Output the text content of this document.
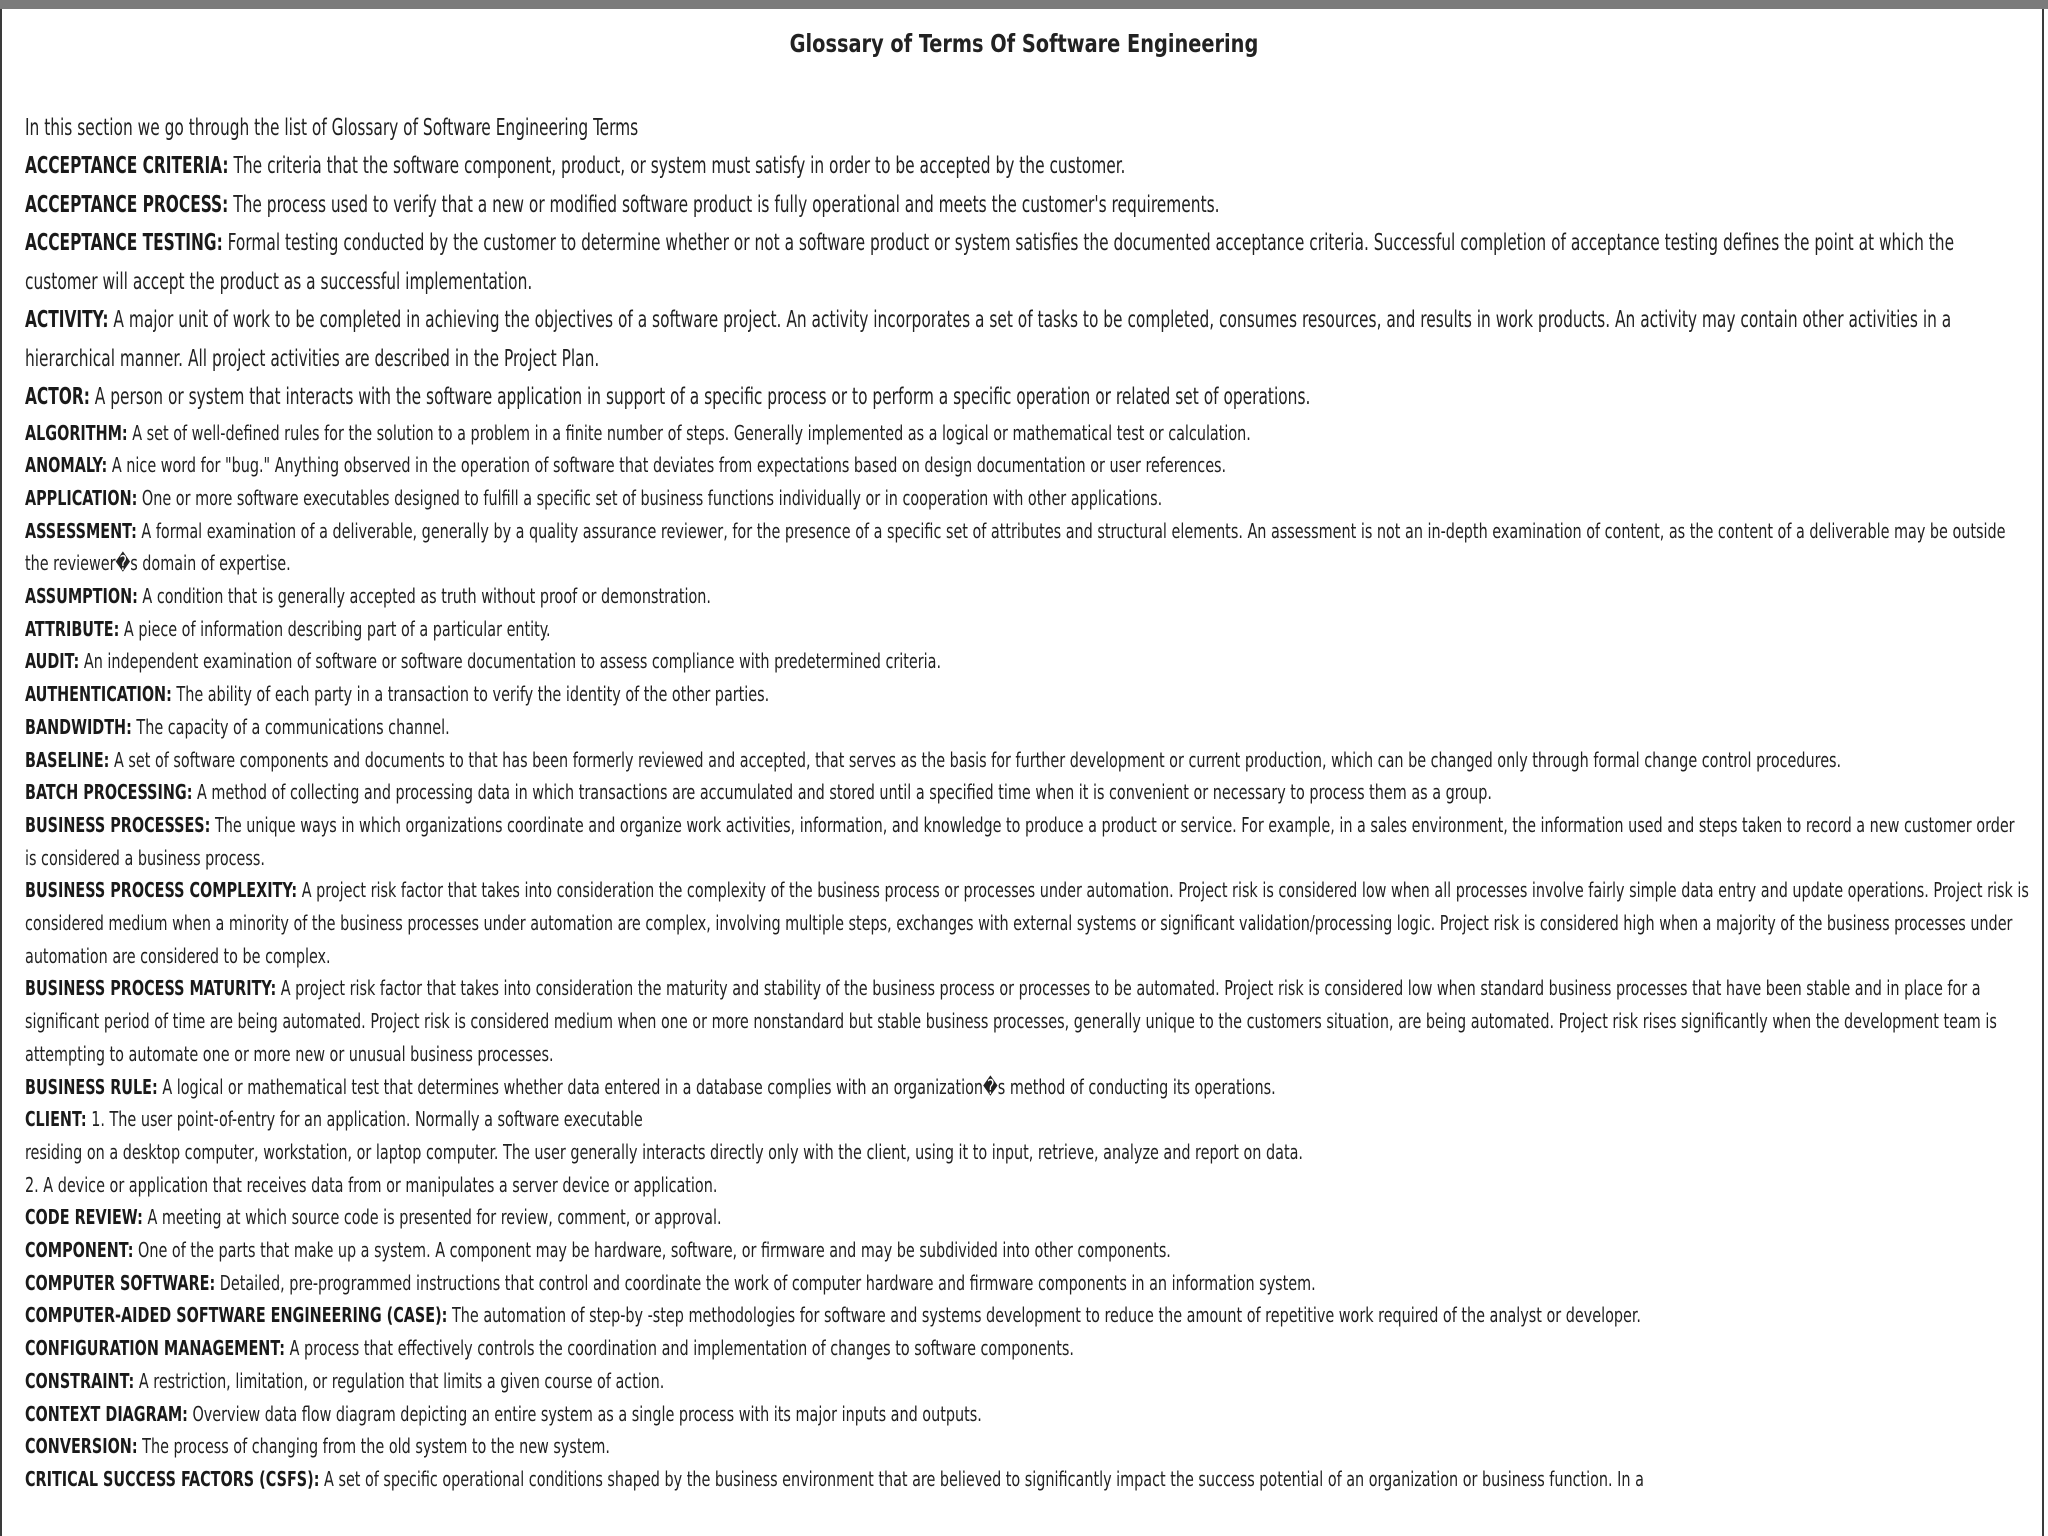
Glossary of Terms Of Software Engineering
In this section we go through the list of Glossary of Software Engineering Terms
ACCEPTANCE CRITERIA: The criteria that the software component, product, or system must satisfy in order to be accepted by the customer.
ACCEPTANCE PROCESS: The process used to verify that a new or modified software product is fully operational and meets the customer's requirements.
ACCEPTANCE TESTING: Formal testing conducted by the customer to determine whether or not a software product or system satisfies the documented acceptance criteria. Successful completion of acceptance testing defines the point at which the customer will accept the product as a successful implementation.
ACTIVITY: A major unit of work to be completed in achieving the objectives of a software project. An activity incorporates a set of tasks to be completed, consumes resources, and results in work products. An activity may contain other activities in a hierarchical manner. All project activities are described in the Project Plan.
ACTOR: A person or system that interacts with the software application in support of a specific process or to perform a specific operation or related set of operations.
ALGORITHM: A set of well-defined rules for the solution to a problem in a finite number of steps. Generally implemented as a logical or mathematical test or calculation.
ANOMALY: A nice word for "bug." Anything observed in the operation of software that deviates from expectations based on design documentation or user references.
APPLICATION: One or more software executables designed to fulfill a specific set of business functions individually or in cooperation with other applications.
ASSESSMENT: A formal examination of a deliverable, generally by a quality assurance reviewer, for the presence of a specific set of attributes and structural elements. An assessment is not an in-depth examination of content, as the content of a deliverable may be outside the reviewer�s domain of expertise.
ASSUMPTION: A condition that is generally accepted as truth without proof or demonstration.
ATTRIBUTE: A piece of information describing part of a particular entity.
AUDIT: An independent examination of software or software documentation to assess compliance with predetermined criteria.
AUTHENTICATION: The ability of each party in a transaction to verify the identity of the other parties.
BANDWIDTH: The capacity of a communications channel.
BASELINE: A set of software components and documents to that has been formerly reviewed and accepted, that serves as the basis for further development or current production, which can be changed only through formal change control procedures.
BATCH PROCESSING: A method of collecting and processing data in which transactions are accumulated and stored until a specified time when it is convenient or necessary to process them as a group.
BUSINESS PROCESSES: The unique ways in which organizations coordinate and organize work activities, information, and knowledge to produce a product or service. For example, in a sales environment, the information used and steps taken to record a new customer order is considered a business process.
BUSINESS PROCESS COMPLEXITY: A project risk factor that takes into consideration the complexity of the business process or processes under automation. Project risk is considered low when all processes involve fairly simple data entry and update operations. Project risk is considered medium when a minority of the business processes under automation are complex, involving multiple steps, exchanges with external systems or significant validation/processing logic. Project risk is considered high when a majority of the business processes under automation are considered to be complex.
BUSINESS PROCESS MATURITY: A project risk factor that takes into consideration the maturity and stability of the business process or processes to be automated. Project risk is considered low when standard business processes that have been stable and in place for a significant period of time are being automated. Project risk is considered medium when one or more nonstandard but stable business processes, generally unique to the customers situation, are being automated. Project risk rises significantly when the development team is attempting to automate one or more new or unusual business processes.
BUSINESS RULE: A logical or mathematical test that determines whether data entered in a database complies with an organization�s method of conducting its operations.
CLIENT: 1. The user point-of-entry for an application. Normally a software executable
residing on a desktop computer, workstation, or laptop computer. The user generally interacts directly only with the client, using it to input, retrieve, analyze and report on data.
2. A device or application that receives data from or manipulates a server device or application.
CODE REVIEW: A meeting at which source code is presented for review, comment, or approval.
COMPONENT: One of the parts that make up a system. A component may be hardware, software, or firmware and may be subdivided into other components.
COMPUTER SOFTWARE: Detailed, pre-programmed instructions that control and coordinate the work of computer hardware and firmware components in an information system.
COMPUTER-AIDED SOFTWARE ENGINEERING (CASE): The automation of step-by -step methodologies for software and systems development to reduce the amount of repetitive work required of the analyst or developer.
CONFIGURATION MANAGEMENT: A process that effectively controls the coordination and implementation of changes to software components.
CONSTRAINT: A restriction, limitation, or regulation that limits a given course of action.
CONTEXT DIAGRAM: Overview data flow diagram depicting an entire system as a single process with its major inputs and outputs.
CONVERSION: The process of changing from the old system to the new system.
CRITICAL SUCCESS FACTORS (CSFS): A set of specific operational conditions shaped by the business environment that are believed to significantly impact the success potential of an organization or business function. In a
